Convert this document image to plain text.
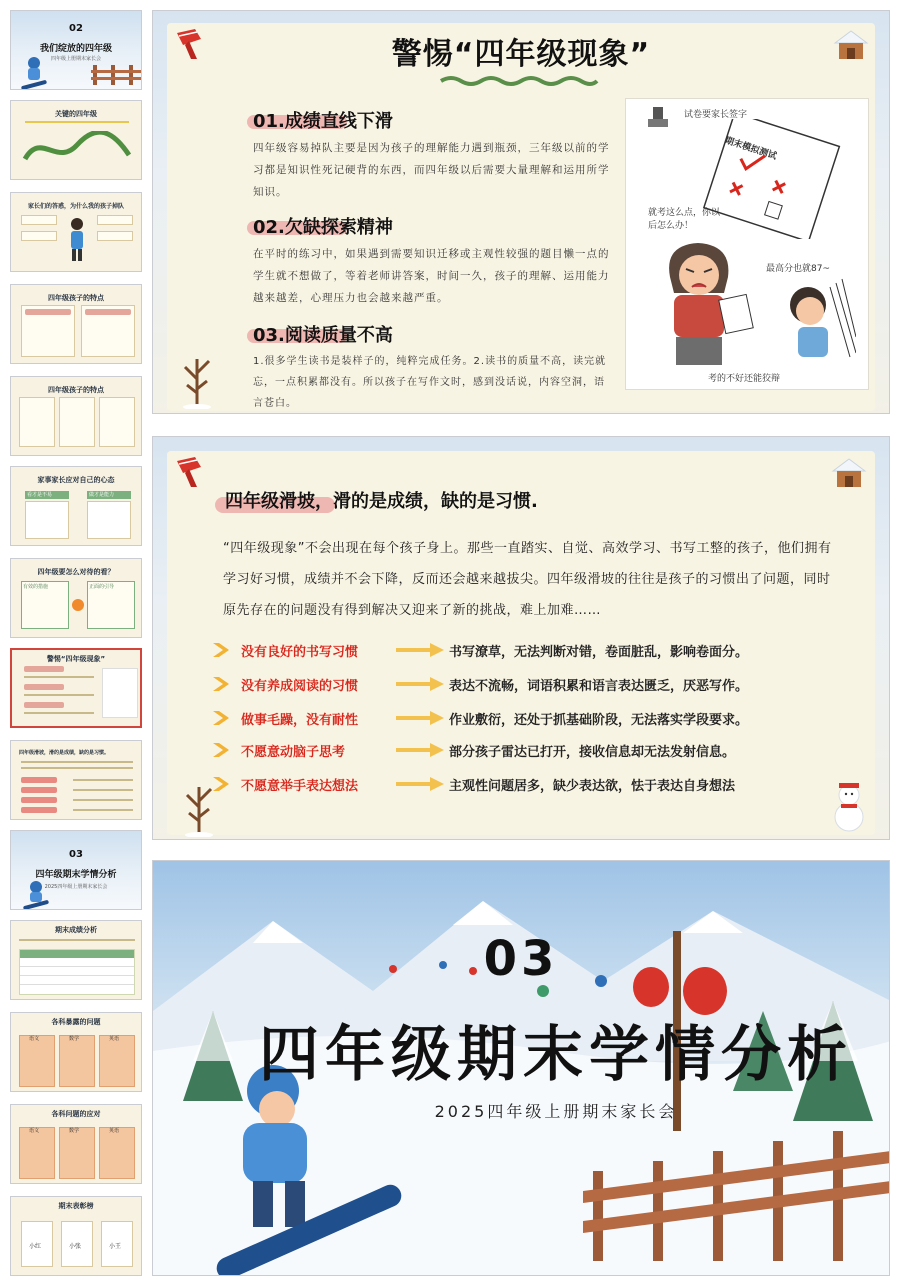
02
我们绽放的四年级
四年级上册期末家长会
关键的四年级
家长们的答惑，为什么我的孩子掉队
四年级孩子的特点
四年级孩子的特点
家事家长应对自己的心态
看才是不易	做才是能力
四年级要怎么对待的看？
有效的措施	正面的引导
警惕“四年级现象”
四年级滑坡，滑的是成绩，缺的是习惯。
03
四年级期末学情分析
2025四年级上册期末家长会
期末成绩分析
各科暴露的问题
语文	数学	英语
各科问题的应对
语文	数学	英语
期末表彰榜
小红	小张	小王
警惕“四年级现象”
01.成绩直线下滑
四年级容易掉队主要是因为孩子的理解能力遇到瓶颈，三年级以前的学习都是知识性死记硬背的东西，而四年级以后需要大量理解和运用所学知识。
02.欠缺探索精神
在平时的练习中，如果遇到需要知识迁移或主观性较强的题目懒一点的学生就不想做了，等着老师讲答案，时间一久，孩子的理解、运用能力越来越差，心理压力也会越来越严重。
03.阅读质量不高
1.很多学生读书是装样子的，纯粹完成任务。2.读书的质量不高，读完就忘，一点积累都没有。所以孩子在写作文时，感到没话说，内容空洞，语言苍白。
试卷要家长签字
期末模拟测试
就考这么点，你以后怎么办！
最高分也就87~
考的不好还能狡辩
四年级滑坡，滑的是成绩，缺的是习惯.
“四年级现象”不会出现在每个孩子身上。那些一直踏实、自觉、高效学习、书写工整的孩子，他们拥有学习好习惯，成绩并不会下降，反而还会越来越拔尖。四年级滑坡的往往是孩子的习惯出了问题，同时原先存在的问题没有得到解决又迎来了新的挑战，难上加难……
没有良好的书写习惯	书写潦草，无法判断对错，卷面脏乱，影响卷面分。
没有养成阅读的习惯	表达不流畅，词语积累和语言表达匮乏，厌恶写作。
做事毛躁，没有耐性	作业敷衍，还处于抓基础阶段，无法落实学段要求。
不愿意动脑子思考	部分孩子雷达已打开，接收信息却无法发射信息。
不愿意举手表达想法	主观性问题居多，缺少表达欲，怯于表达自身想法
03
四年级期末学情分析
2025四年级上册期末家长会
